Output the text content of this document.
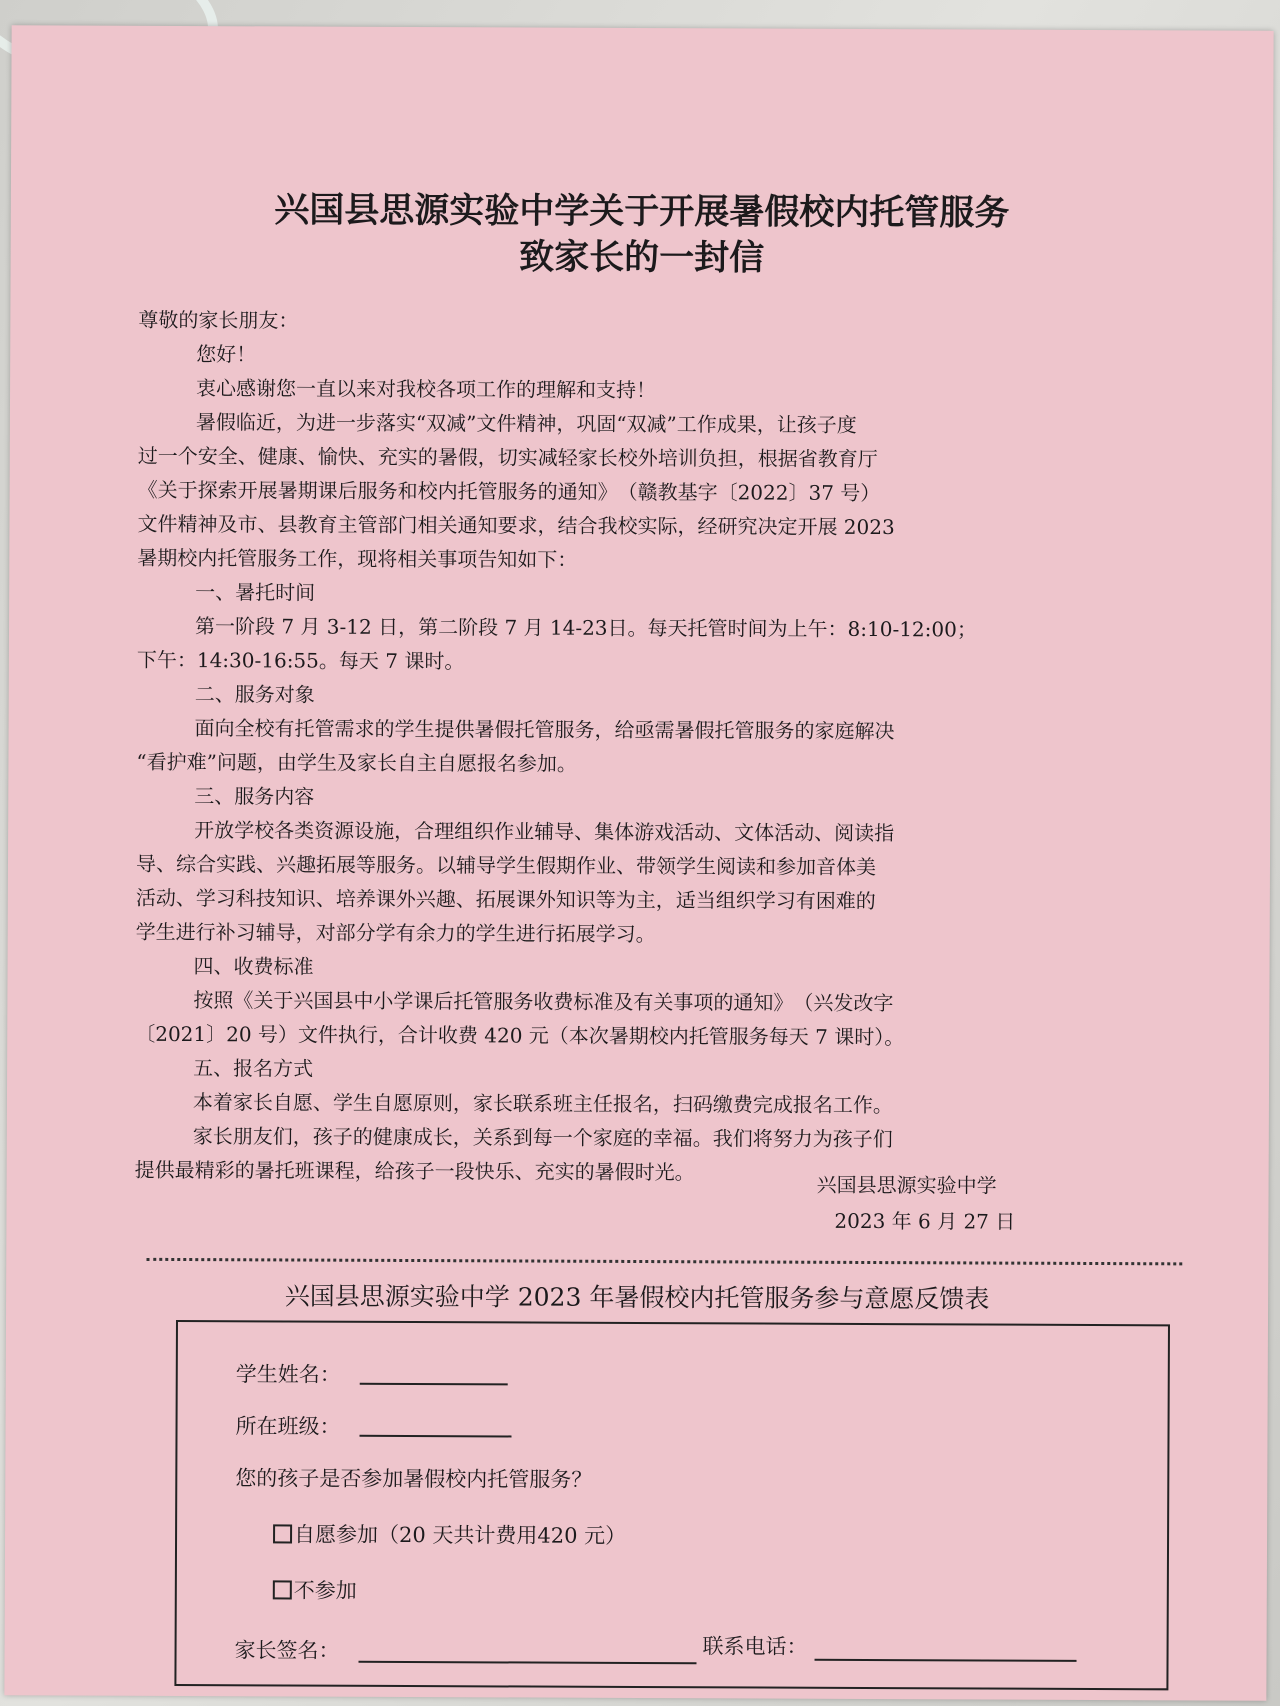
兴国县思源实验中学关于开展暑假校内托管服务
致家长的一封信
尊敬的家长朋友：
您好！
衷心感谢您一直以来对我校各项工作的理解和支持！
暑假临近，为进一步落实“双减”文件精神，巩固“双减”工作成果，让孩子度
过一个安全、健康、愉快、充实的暑假，切实减轻家长校外培训负担，根据省教育厅
《关于探索开展暑期课后服务和校内托管服务的通知》　（赣教基字〔2022〕37 号）
文件精神及市、县教育主管部门相关通知要求，结合我校实际，经研究决定开展 2023
暑期校内托管服务工作，现将相关事项告知如下：
一、暑托时间
第一阶段 7 月 3-12 日，第二阶段 7 月 14-23日。每天托管时间为上午：8:10-12:00；
下午：14:30-16:55。每天 7 课时。
二、服务对象
面向全校有托管需求的学生提供暑假托管服务，给亟需暑假托管服务的家庭解决
“看护难”问题，由学生及家长自主自愿报名参加。
三、服务内容
开放学校各类资源设施，合理组织作业辅导、集体游戏活动、文体活动、阅读指
导、综合实践、兴趣拓展等服务。以辅导学生假期作业、带领学生阅读和参加音体美
活动、学习科技知识、培养课外兴趣、拓展课外知识等为主，适当组织学习有困难的
学生进行补习辅导，对部分学有余力的学生进行拓展学习。
四、收费标准
按照《关于兴国县中小学课后托管服务收费标准及有关事项的通知》　（兴发改字
〔2021〕20 号）文件执行，合计收费 420 元（本次暑期校内托管服务每天 7 课时）。
五、报名方式
本着家长自愿、学生自愿原则，家长联系班主任报名，扫码缴费完成报名工作。
家长朋友们，孩子的健康成长，关系到每一个家庭的幸福。我们将努力为孩子们
提供最精彩的暑托班课程，给孩子一段快乐、充实的暑假时光。
兴国县思源实验中学
2023 年 6 月 27 日
兴国县思源实验中学 2023 年暑假校内托管服务参与意愿反馈表
学生姓名：
所在班级：
您的孩子是否参加暑假校内托管服务？
自愿参加（20 天共计费用420 元）
不参加
家长签名：	联系电话：
